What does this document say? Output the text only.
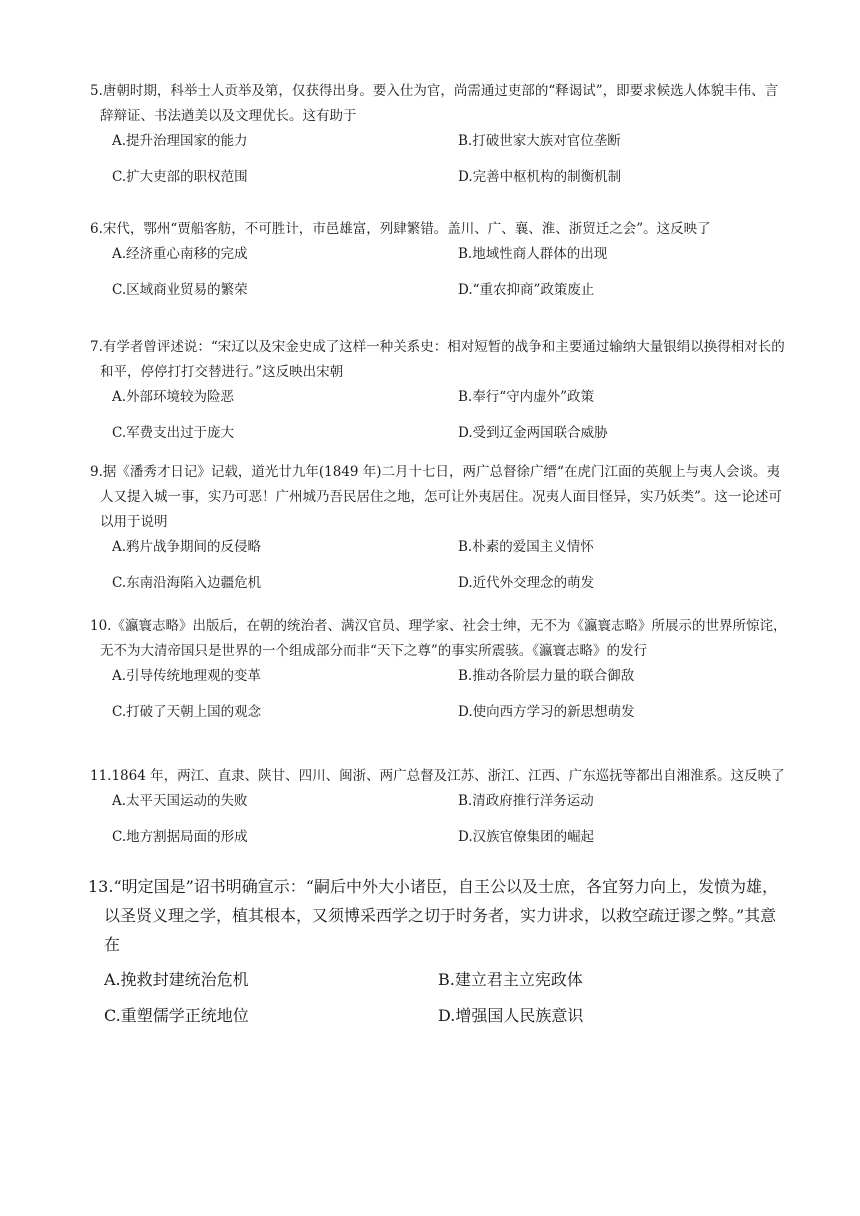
5.唐朝时期，科举士人贡举及第，仅获得出身。要入仕为官，尚需通过吏部的“释谒试”，即要求候选人体貌丰伟、言辞辩证、书法遒美以及文理优长。这有助于

A.提升治理国家的能力	B.打破世家大族对官位垄断
C.扩大吏部的职权范围	D.完善中枢机构的制衡机制

6.宋代，鄂州“贾船客舫，不可胜计，市邑雄富，列肆繁错。盖川、广、襄、淮、浙贸迁之会”。这反映了

A.经济重心南移的完成	B.地域性商人群体的出现
C.区域商业贸易的繁荣	D.“重农抑商”政策废止

7.有学者曾评述说：“宋辽以及宋金史成了这样一种关系史：相对短暂的战争和主要通过输纳大量银绢以换得相对长的和平，停停打打交替进行。”这反映出宋朝

A.外部环境较为险恶	B.奉行“守内虚外”政策
C.军费支出过于庞大	D.受到辽金两国联合威胁

9.据《潘秀才日记》记载，道光廿九年(1849 年)二月十七日，两广总督徐广缙“在虎门江面的英舰上与夷人会谈。夷人又提入城一事，实乃可恶！广州城乃吾民居住之地，怎可让外夷居住。况夷人面目怪异，实乃妖类”。这一论述可以用于说明

A.鸦片战争期间的反侵略	B.朴素的爱国主义情怀
C.东南沿海陷入边疆危机	D.近代外交理念的萌发

10.《瀛寰志略》出版后，在朝的统治者、满汉官员、理学家、社会士绅，无不为《瀛寰志略》所展示的世界所惊诧，无不为大清帝国只是世界的一个组成部分而非“天下之尊”的事实所震骇。《瀛寰志略》的发行

A.引导传统地理观的变革	B.推动各阶层力量的联合御敌
C.打破了天朝上国的观念	D.使向西方学习的新思想萌发

11.1864 年，两江、直隶、陕甘、四川、闽浙、两广总督及江苏、浙江、江西、广东巡抚等都出自湘淮系。这反映了

A.太平天国运动的失败	B.清政府推行洋务运动
C.地方割据局面的形成	D.汉族官僚集团的崛起

13.“明定国是”诏书明确宣示：“嗣后中外大小诸臣，自王公以及士庶，各宜努力向上，发愤为雄，以圣贤义理之学，植其根本，又须博采西学之切于时务者，实力讲求，以救空疏迂谬之弊。”其意在

A.挽救封建统治危机	B.建立君主立宪政体
C.重塑儒学正统地位	D.增强国人民族意识
